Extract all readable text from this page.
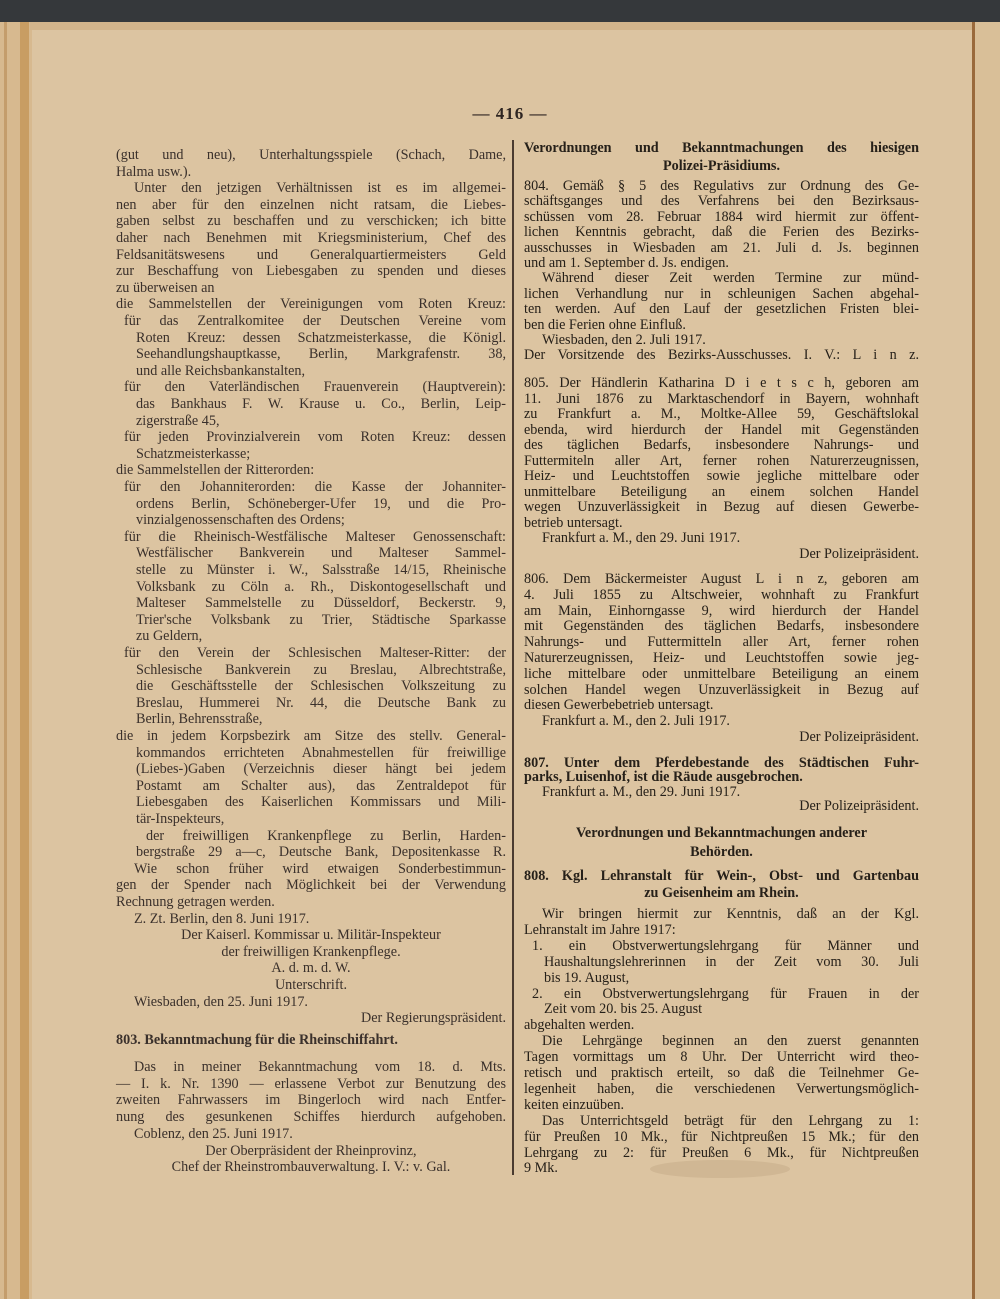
— 416 —
(gut und neu), Unterhaltungsspiele (Schach, Dame,
Halma usw.).
Unter den jetzigen Verhältnissen ist es im allgemei-
nen aber für den einzelnen nicht ratsam, die Liebes-
gaben selbst zu beschaffen und zu verschicken; ich bitte
daher nach Benehmen mit Kriegsministerium, Chef des
Feldsanitätswesens und Generalquartiermeisters Geld
zur Beschaffung von Liebesgaben zu spenden und dieses
zu überweisen an
die Sammelstellen der Vereinigungen vom Roten Kreuz:
für das Zentralkomitee der Deutschen Vereine vom
Roten Kreuz: dessen Schatzmeisterkasse, die Königl.
Seehandlungshauptkasse, Berlin, Markgrafenstr. 38,
und alle Reichsbankanstalten,
für den Vaterländischen Frauenverein (Hauptverein):
das Bankhaus F. W. Krause u. Co., Berlin, Leip-
zigerstraße 45,
für jeden Provinzialverein vom Roten Kreuz: dessen
Schatzmeisterkasse;
die Sammelstellen der Ritterorden:
für den Johanniterorden: die Kasse der Johanniter-
ordens Berlin, Schöneberger-Ufer 19, und die Pro-
vinzialgenossenschaften des Ordens;
für die Rheinisch-Westfälische Malteser Genossenschaft:
Westfälischer Bankverein und Malteser Sammel-
stelle zu Münster i. W., Salsstraße 14/15, Rheinische
Volksbank zu Cöln a. Rh., Diskontogesellschaft und
Malteser Sammelstelle zu Düsseldorf, Beckerstr. 9,
Trier'sche Volksbank zu Trier, Städtische Sparkasse
zu Geldern,
für den Verein der Schlesischen Malteser-Ritter: der
Schlesische Bankverein zu Breslau, Albrechtstraße,
die Geschäftsstelle der Schlesischen Volkszeitung zu
Breslau, Hummerei Nr. 44, die Deutsche Bank zu
Berlin, Behrensstraße,
die in jedem Korpsbezirk am Sitze des stellv. General-
kommandos errichteten Abnahmestellen für freiwillige
(Liebes-)Gaben (Verzeichnis dieser hängt bei jedem
Postamt am Schalter aus), das Zentraldepot für
Liebesgaben des Kaiserlichen Kommissars und Mili-
tär-Inspekteurs,
der freiwilligen Krankenpflege zu Berlin, Harden-
bergstraße 29 a—c, Deutsche Bank, Depositenkasse R.
Wie schon früher wird etwaigen Sonderbestimmun-
gen der Spender nach Möglichkeit bei der Verwendung
Rechnung getragen werden.
Z. Zt. Berlin, den 8. Juni 1917.
Der Kaiserl. Kommissar u. Militär-Inspekteur
der freiwilligen Krankenpflege.
A. d. m. d. W.
Unterschrift.
Wiesbaden, den 25. Juni 1917.
Der Regierungspräsident.
803. Bekanntmachung für die Rheinschiffahrt.
Das in meiner Bekanntmachung vom 18. d. Mts.
— I. k. Nr. 1390 — erlassene Verbot zur Benutzung des
zweiten Fahrwassers im Bingerloch wird nach Entfer-
nung des gesunkenen Schiffes hierdurch aufgehoben.
Coblenz, den 25. Juni 1917.
Der Oberpräsident der Rheinprovinz,
Chef der Rheinstrombauverwaltung. I. V.: v. Gal.
Verordnungen und Bekanntmachungen des hiesigen
Polizei-Präsidiums.
804. Gemäß § 5 des Regulativs zur Ordnung des Ge-
schäftsganges und des Verfahrens bei den Bezirksaus-
schüssen vom 28. Februar 1884 wird hiermit zur öffent-
lichen Kenntnis gebracht, daß die Ferien des Bezirks-
ausschusses in Wiesbaden am 21. Juli d. Js. beginnen
und am 1. September d. Js. endigen.
Während dieser Zeit werden Termine zur münd-
lichen Verhandlung nur in schleunigen Sachen abgehal-
ten werden. Auf den Lauf der gesetzlichen Fristen blei-
ben die Ferien ohne Einfluß.
Wiesbaden, den 2. Juli 1917.
Der Vorsitzende des Bezirks-Ausschusses. I. V.: L i n z.
805. Der Händlerin Katharina D i e t s c h, geboren am
11. Juni 1876 zu Marktaschendorf in Bayern, wohnhaft
zu Frankfurt a. M., Moltke-Allee 59, Geschäftslokal
ebenda, wird hierdurch der Handel mit Gegenständen
des täglichen Bedarfs, insbesondere Nahrungs- und
Futtermiteln aller Art, ferner rohen Naturerzeugnissen,
Heiz- und Leuchtstoffen sowie jegliche mittelbare oder
unmittelbare Beteiligung an einem solchen Handel
wegen Unzuverlässigkeit in Bezug auf diesen Gewerbe-
betrieb untersagt.
Frankfurt a. M., den 29. Juni 1917.
Der Polizeipräsident.
806. Dem Bäckermeister August L i n z, geboren am
4. Juli 1855 zu Altschweier, wohnhaft zu Frankfurt
am Main, Einhorngasse 9, wird hierdurch der Handel
mit Gegenständen des täglichen Bedarfs, insbesondere
Nahrungs- und Futtermitteln aller Art, ferner rohen
Naturerzeugnissen, Heiz- und Leuchtstoffen sowie jeg-
liche mittelbare oder unmittelbare Beteiligung an einem
solchen Handel wegen Unzuverlässigkeit in Bezug auf
diesen Gewerbebetrieb untersagt.
Frankfurt a. M., den 2. Juli 1917.
Der Polizeipräsident.
807. Unter dem Pferdebestande des Städtischen Fuhr-
parks, Luisenhof, ist die Räude ausgebrochen.
Frankfurt a. M., den 29. Juni 1917.
Der Polizeipräsident.
Verordnungen und Bekanntmachungen anderer
Behörden.
808. Kgl. Lehranstalt für Wein-, Obst- und Gartenbau
zu Geisenheim am Rhein.
Wir bringen hiermit zur Kenntnis, daß an der Kgl.
Lehranstalt im Jahre 1917:
1. ein Obstverwertungslehrgang für Männer und
Haushaltungslehrerinnen in der Zeit vom 30. Juli
bis 19. August,
2. ein Obstverwertungslehrgang für Frauen in der
Zeit vom 20. bis 25. August
abgehalten werden.
Die Lehrgänge beginnen an den zuerst genannten
Tagen vormittags um 8 Uhr. Der Unterricht wird theo-
retisch und praktisch erteilt, so daß die Teilnehmer Ge-
legenheit haben, die verschiedenen Verwertungsmöglich-
keiten einzuüben.
Das Unterrichtsgeld beträgt für den Lehrgang zu 1:
für Preußen 10 Mk., für Nichtpreußen 15 Mk.; für den
Lehrgang zu 2: für Preußen 6 Mk., für Nichtpreußen
9 Mk.
